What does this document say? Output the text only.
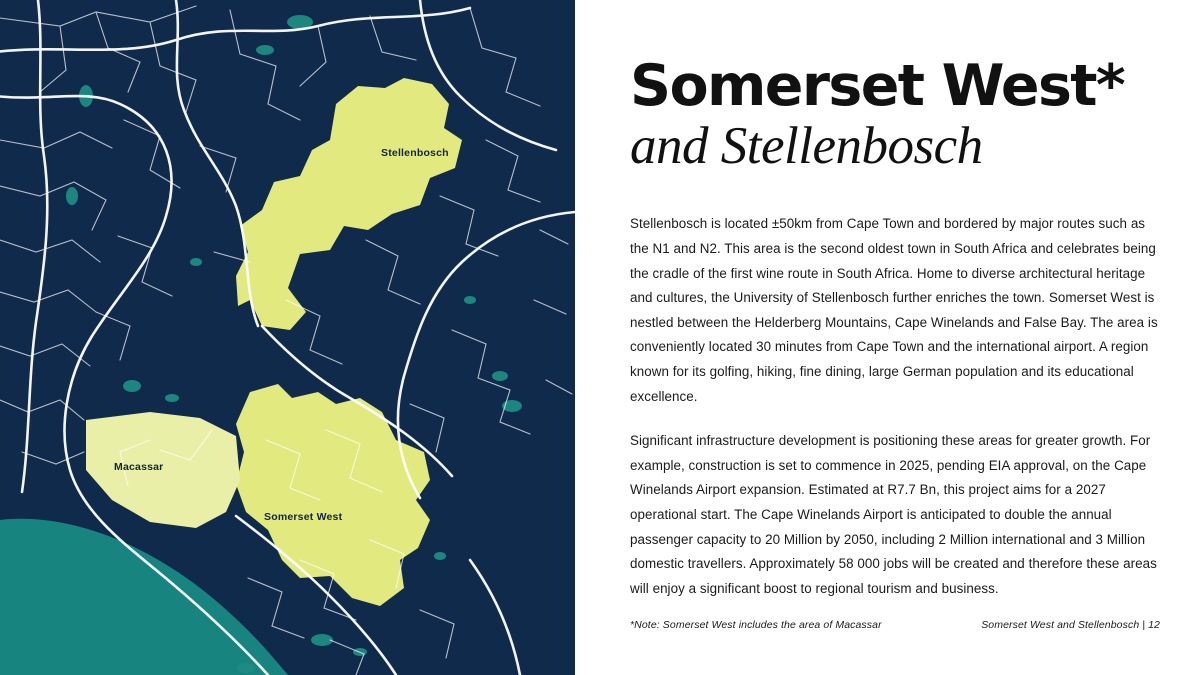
Stellenbosch
Macassar
Somerset West
Somerset West*
and Stellenbosch

Stellenbosch is located ±50km from Cape Town and bordered by major routes such as the N1 and N2. This area is the second oldest town in South Africa and celebrates being the cradle of the first wine route in South Africa. Home to diverse architectural heritage and cultures, the University of Stellenbosch further enriches the town. Somerset West is nestled between the Helderberg Mountains, Cape Winelands and False Bay. The area is conveniently located 30 minutes from Cape Town and the international airport. A region known for its golfing, hiking, fine dining, large German population and its educational excellence.

Significant infrastructure development is positioning these areas for greater growth. For example, construction is set to commence in 2025, pending EIA approval, on the Cape Winelands Airport expansion. Estimated at R7.7 Bn, this project aims for a 2027 operational start. The Cape Winelands Airport is anticipated to double the annual passenger capacity to 20 Million by 2050, including 2 Million international and 3 Million domestic travellers. Approximately 58 000 jobs will be created and therefore these areas will enjoy a significant boost to regional tourism and business.

*Note: Somerset West includes the area of Macassar	Somerset West and Stellenbosch | 12
